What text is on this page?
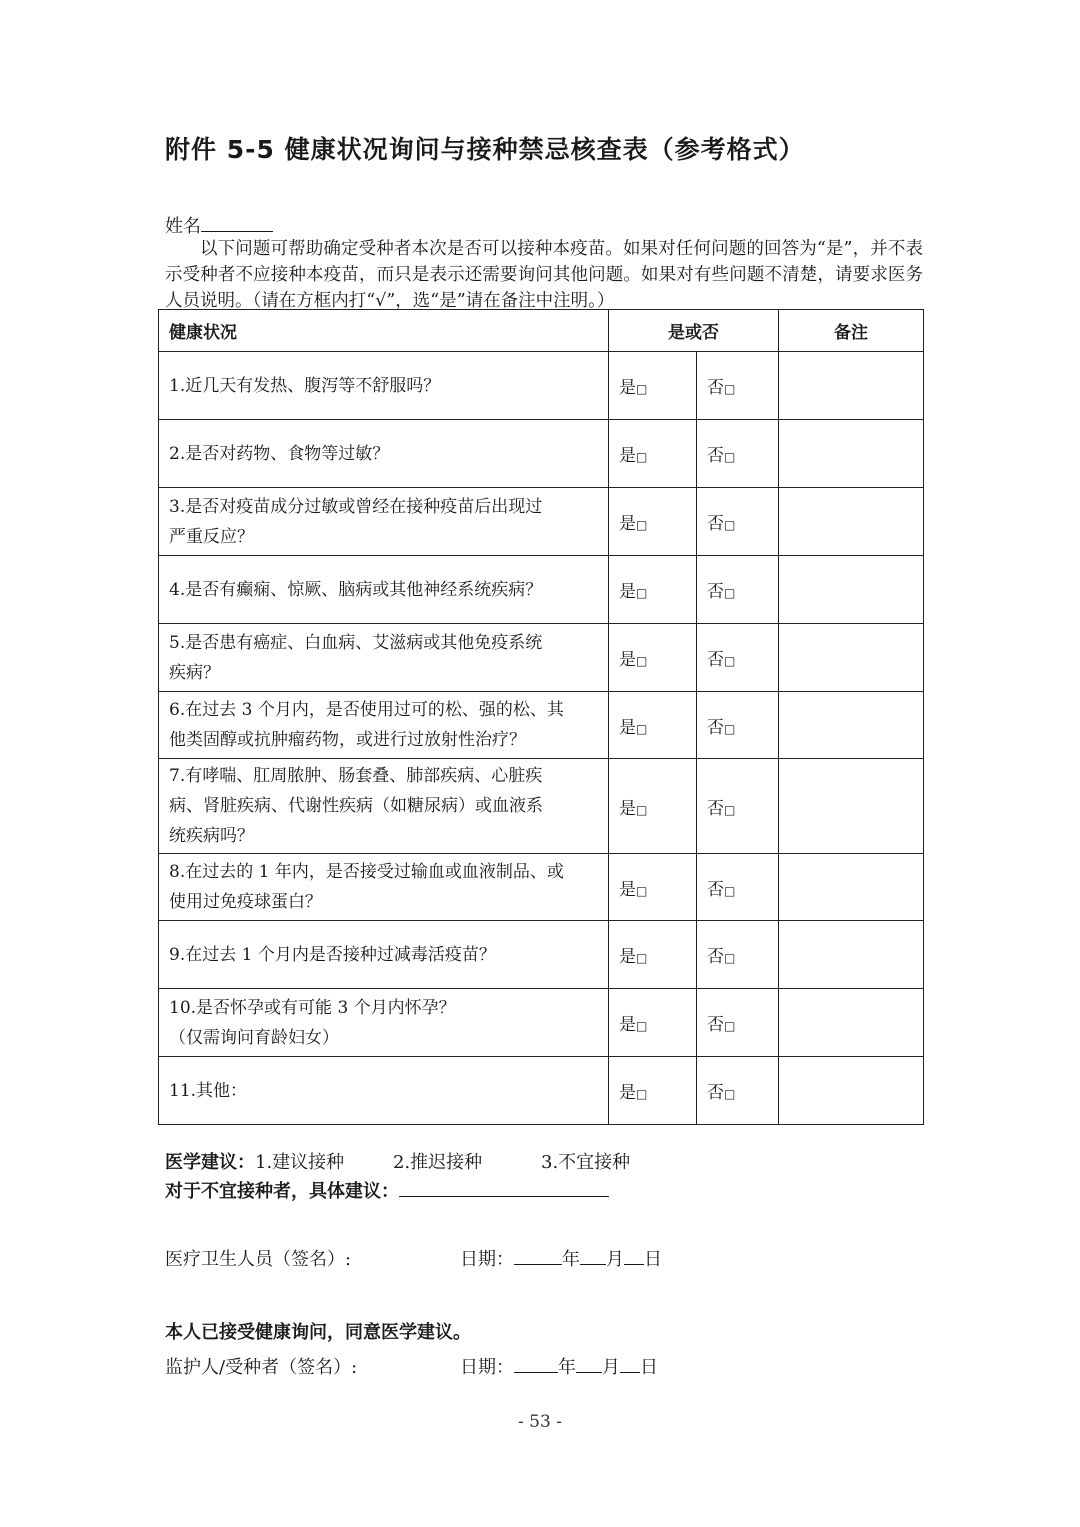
附件 5-5 健康状况询问与接种禁忌核查表（参考格式）
姓名
以下问题可帮助确定受种者本次是否可以接种本疫苗。如果对任何问题的回答为“是”，并不表示受种者不应接种本疫苗，而只是表示还需要询问其他问题。如果对有些问题不清楚，请要求医务人员说明。（请在方框内打“√”，选“是”请在备注中注明。）
健康状况	是或否		备注

1.近几天有发热、腹泻等不舒服吗？	是□	否□	

2.是否对药物、食物等过敏？	是□	否□	

3.是否对疫苗成分过敏或曾经在接种疫苗后出现过
严重反应？	是□	否□	

4.是否有癫痫、惊厥、脑病或其他神经系统疾病？	是□	否□	

5.是否患有癌症、白血病、艾滋病或其他免疫系统
疾病？	是□	否□	

6.在过去 3 个月内，是否使用过可的松、强的松、其
他类固醇或抗肿瘤药物，或进行过放射性治疗？	是□	否□	

7.有哮喘、肛周脓肿、肠套叠、肺部疾病、心脏疾
病、肾脏疾病、代谢性疾病（如糖尿病）或血液系
统疾病吗？	是□	否□	

8.在过去的 1 年内，是否接受过输血或血液制品、或
使用过免疫球蛋白？	是□	否□	

9.在过去 1 个月内是否接种过减毒活疫苗？	是□	否□	

10.是否怀孕或有可能 3 个月内怀孕？
（仅需询问育龄妇女）	是□	否□	

11.其他：	是□	否□	
医学建议：1.建议接种	2.推迟接种	3.不宜接种
对于不宜接种者，具体建议：
医疗卫生人员（签名）:	日期：	年 月 日
本人已接受健康询问，同意医学建议。
监护人/受种者（签名）:	日期： 年 月 日
- 53 -
